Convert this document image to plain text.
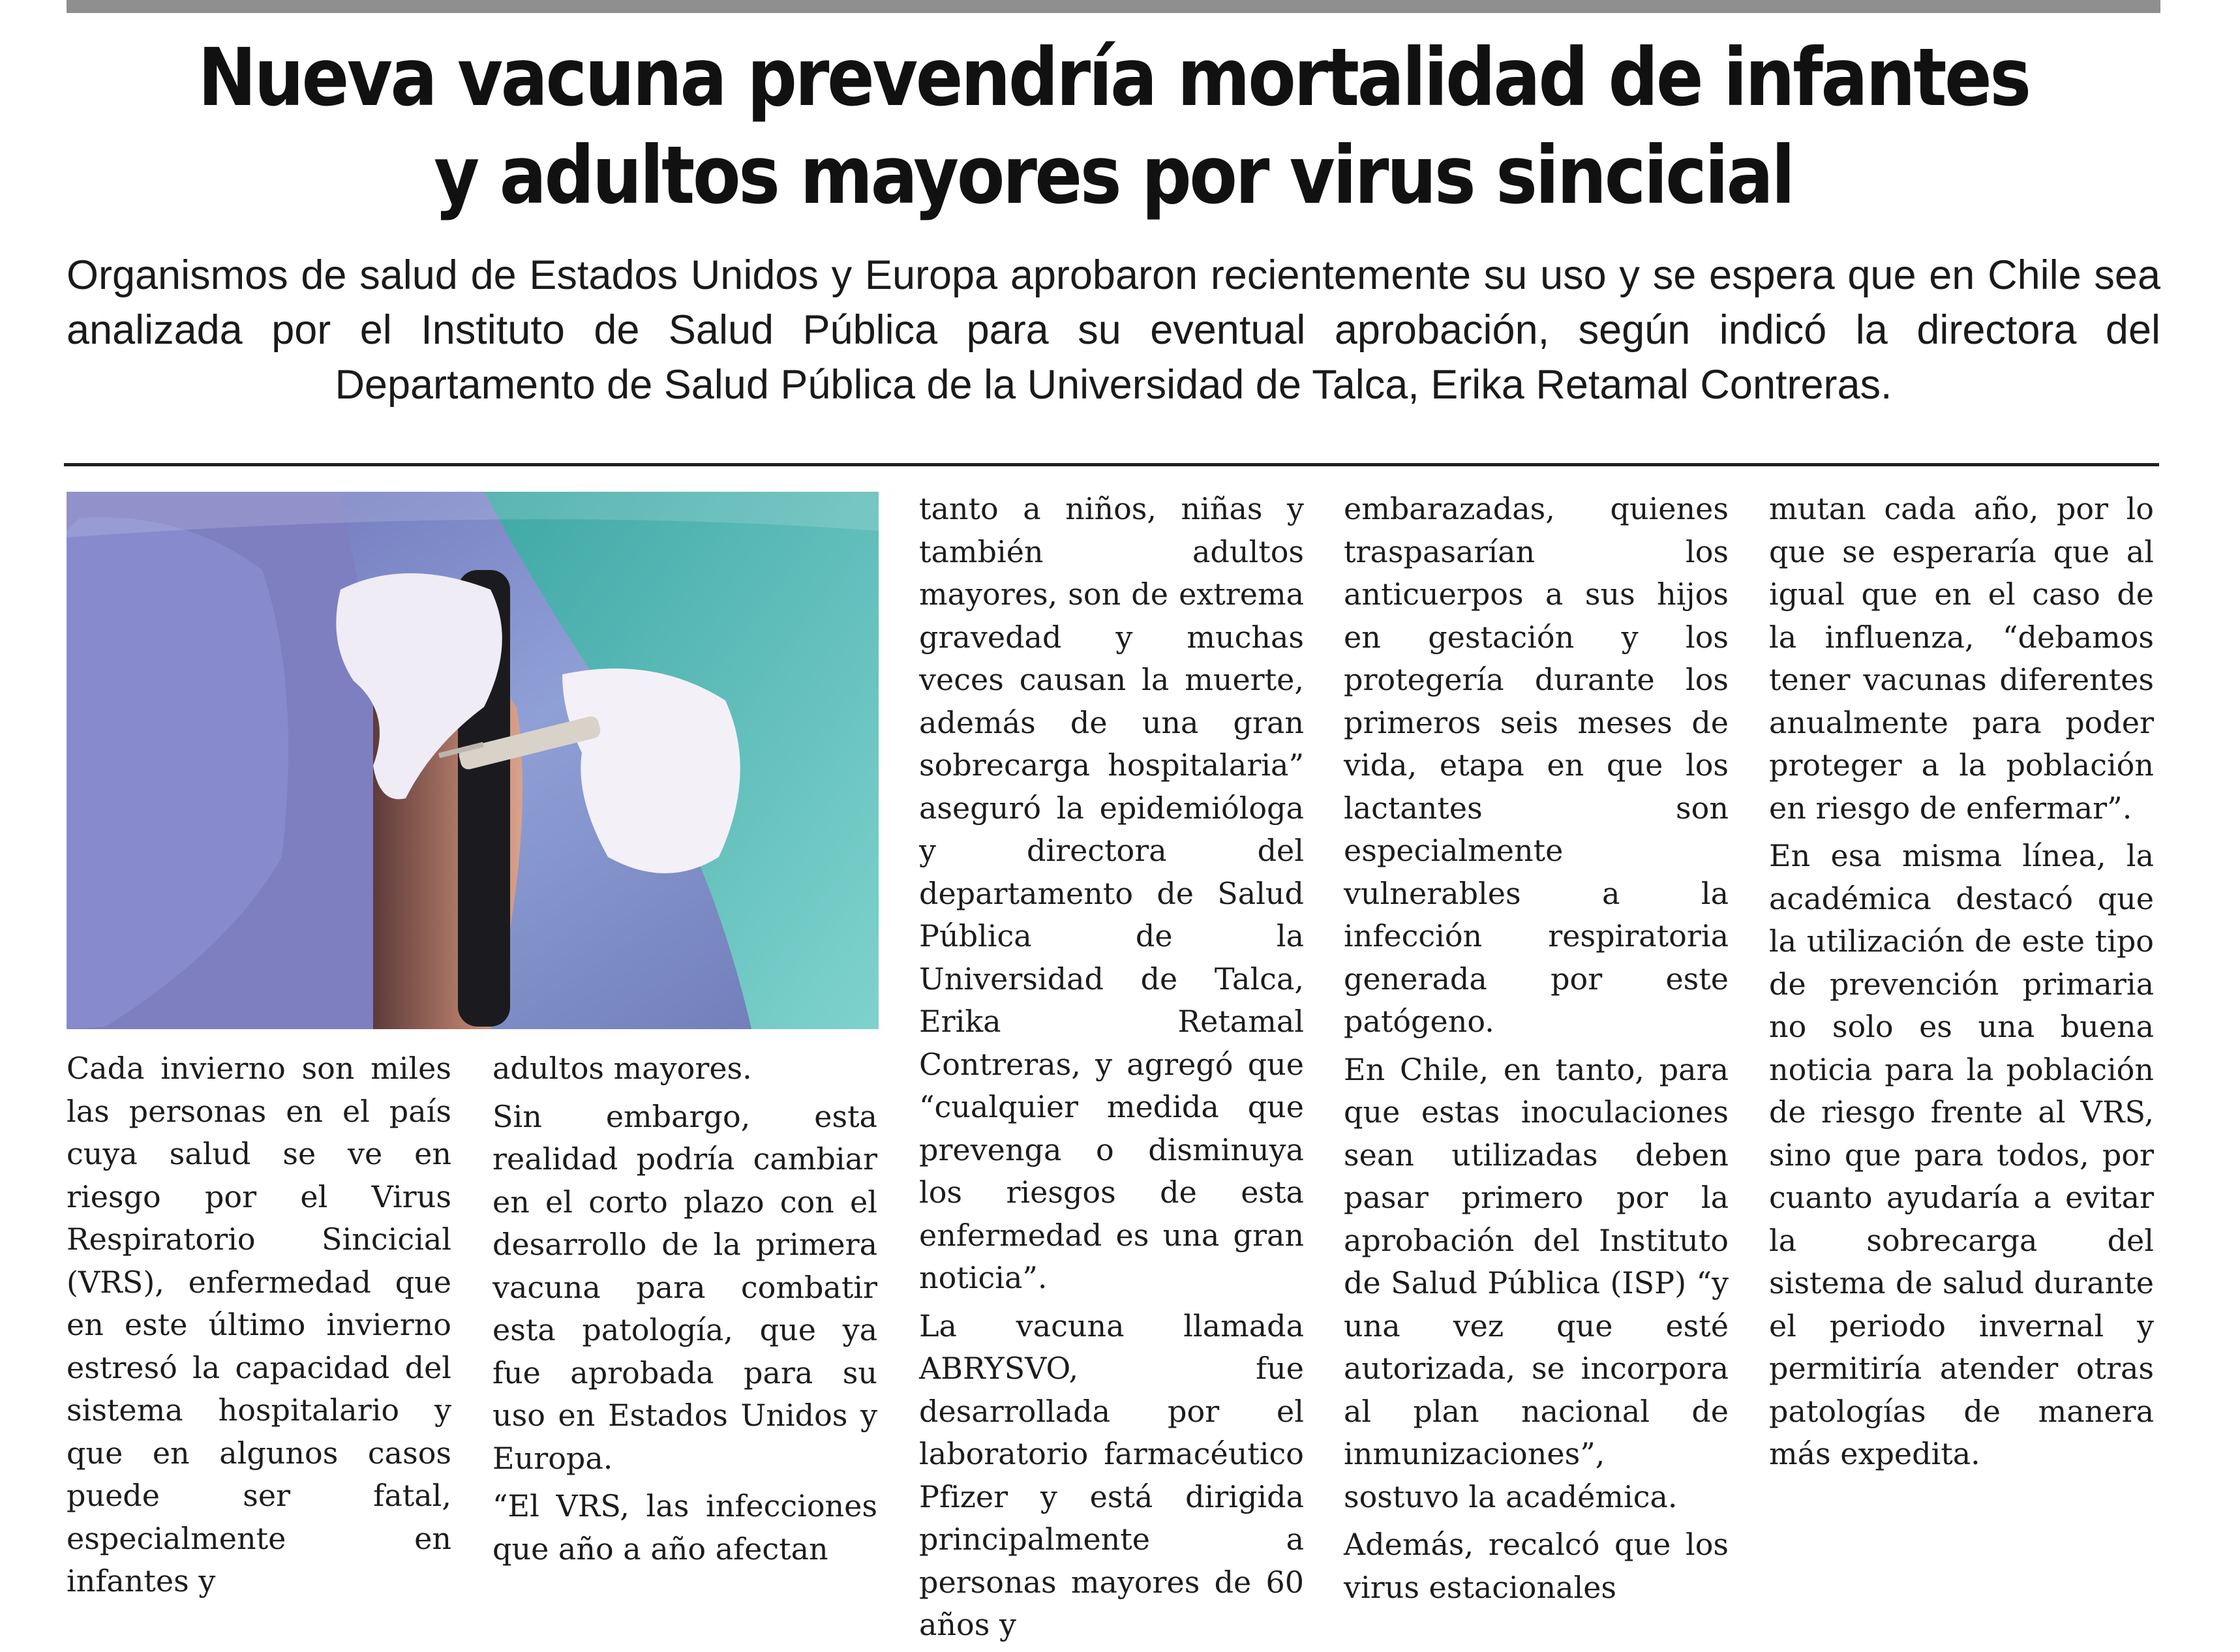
Nueva vacuna prevendría mortalidad de infantes
y adultos mayores por virus sincicial

Organismos de salud de Estados Unidos y Europa aprobaron recientemente su uso y se espera que en Chile sea analizada por el Instituto de Salud Pública para su eventual aprobación, según indicó la directora del Departamento de Salud Pública de la Universidad de Talca, Erika Retamal Contreras.

Cada invierno son miles las personas en el país cuya salud se ve en riesgo por el Virus Respiratorio Sincicial (VRS), enfermedad que en este último invierno estresó la capacidad del sistema hospitalario y que en algunos casos puede ser fatal, especialmente en infantes y

adultos mayores.

Sin embargo, esta realidad podría cambiar en el corto plazo con el desarrollo de la primera vacuna para combatir esta patología, que ya fue aprobada para su uso en Estados Unidos y Europa.

“El VRS, las infecciones que año a año afectan

tanto a niños, niñas y también adultos mayores, son de extrema gravedad y muchas veces causan la muerte, además de una gran sobrecarga hospitalaria” aseguró la epidemióloga y directora del departamento de Salud Pública de la Universidad de Talca, Erika Retamal Contreras, y agregó que “cualquier medida que prevenga o disminuya los riesgos de esta enfermedad es una gran noticia”.

La vacuna llamada ABRYSVO, fue desarrollada por el laboratorio farmacéutico Pfizer y está dirigida principalmente a personas mayores de 60 años y

embarazadas, quienes traspasarían los anticuerpos a sus hijos en gestación y los protegería durante los primeros seis meses de vida, etapa en que los lactantes son especialmente vulnerables a la infección respiratoria generada por este patógeno.

En Chile, en tanto, para que estas inoculaciones sean utilizadas deben pasar primero por la aprobación del Instituto de Salud Pública (ISP) “y una vez que esté autorizada, se incorpora al plan nacional de inmunizaciones”, sostuvo la académica.

Además, recalcó que los virus estacionales

mutan cada año, por lo que se esperaría que al igual que en el caso de la influenza, “debamos tener vacunas diferentes anualmente para poder proteger a la población en riesgo de enfermar”.

En esa misma línea, la académica destacó que la utilización de este tipo de prevención primaria no solo es una buena noticia para la población de riesgo frente al VRS, sino que para todos, por cuanto ayudaría a evitar la sobrecarga del sistema de salud durante el periodo invernal y permitiría atender otras patologías de manera más expedita.
